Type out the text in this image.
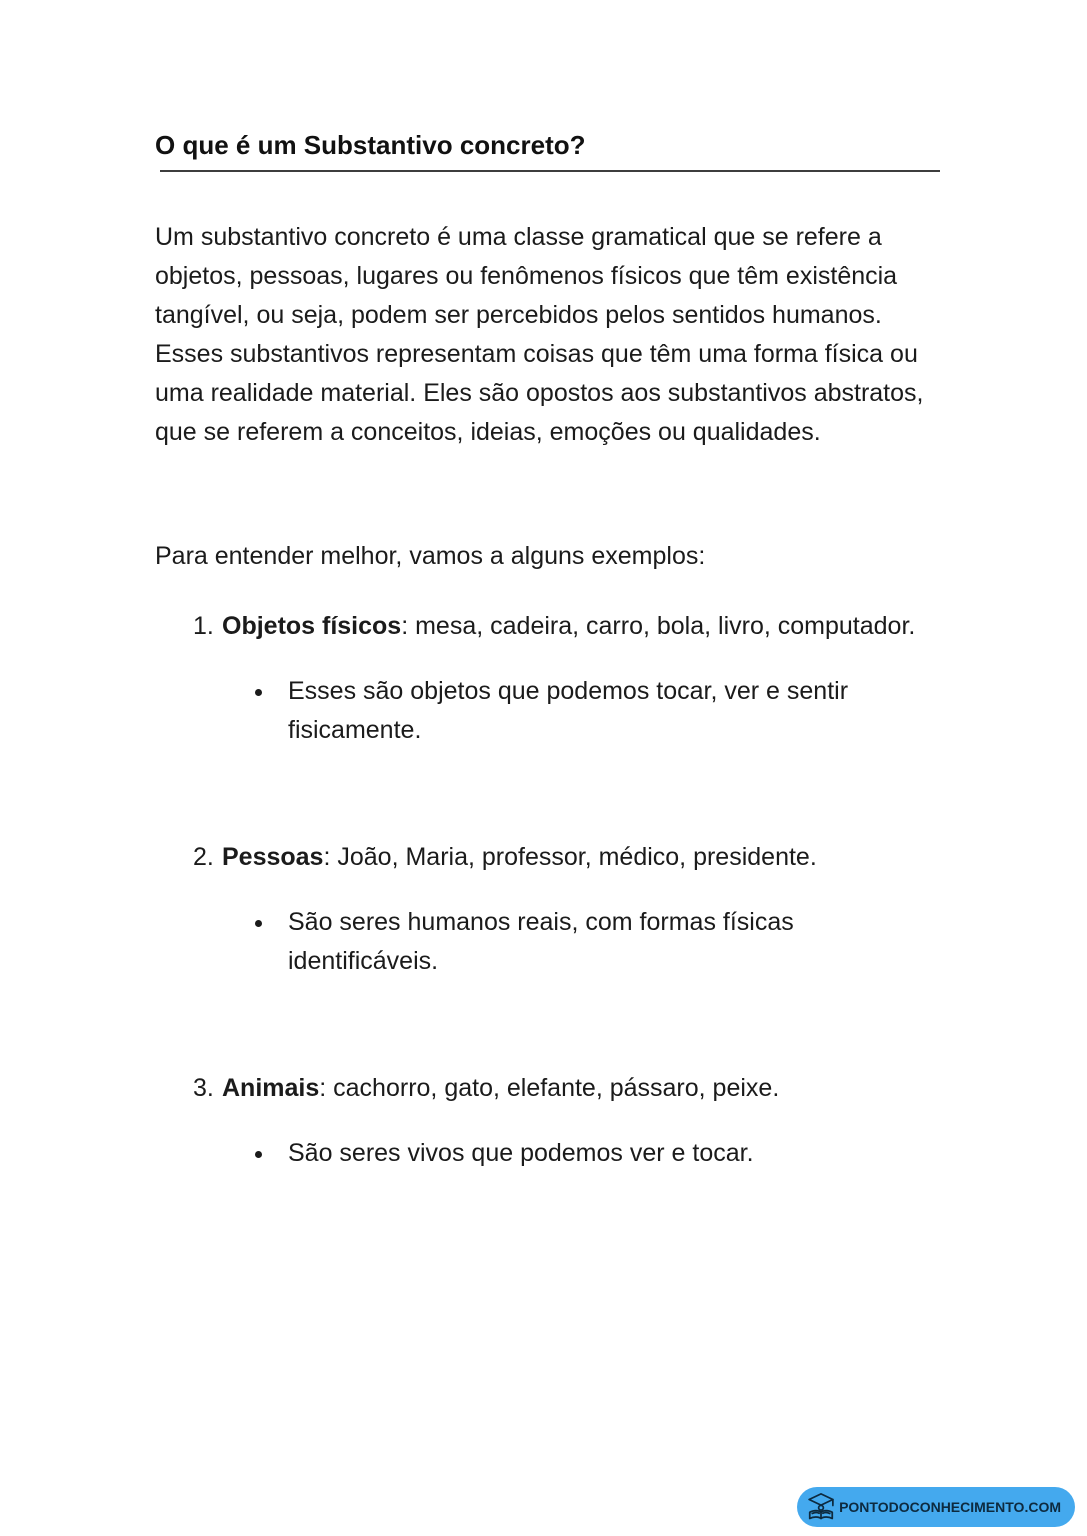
O que é um Substantivo concreto?

Um substantivo concreto é uma classe gramatical que se refere a objetos, pessoas, lugares ou fenômenos físicos que têm existência tangível, ou seja, podem ser percebidos pelos sentidos humanos. Esses substantivos representam coisas que têm uma forma física ou uma realidade material. Eles são opostos aos substantivos abstratos, que se referem a conceitos, ideias, emoções ou qualidades.

Para entender melhor, vamos a alguns exemplos:

1. Objetos físicos: mesa, cadeira, carro, bola, livro, computador.
Esses são objetos que podemos tocar, ver e sentir fisicamente.
2. Pessoas: João, Maria, professor, médico, presidente.
São seres humanos reais, com formas físicas identificáveis.
3. Animais: cachorro, gato, elefante, pássaro, peixe.
São seres vivos que podemos ver e tocar.
PONTODOCONHECIMENTO.COM
